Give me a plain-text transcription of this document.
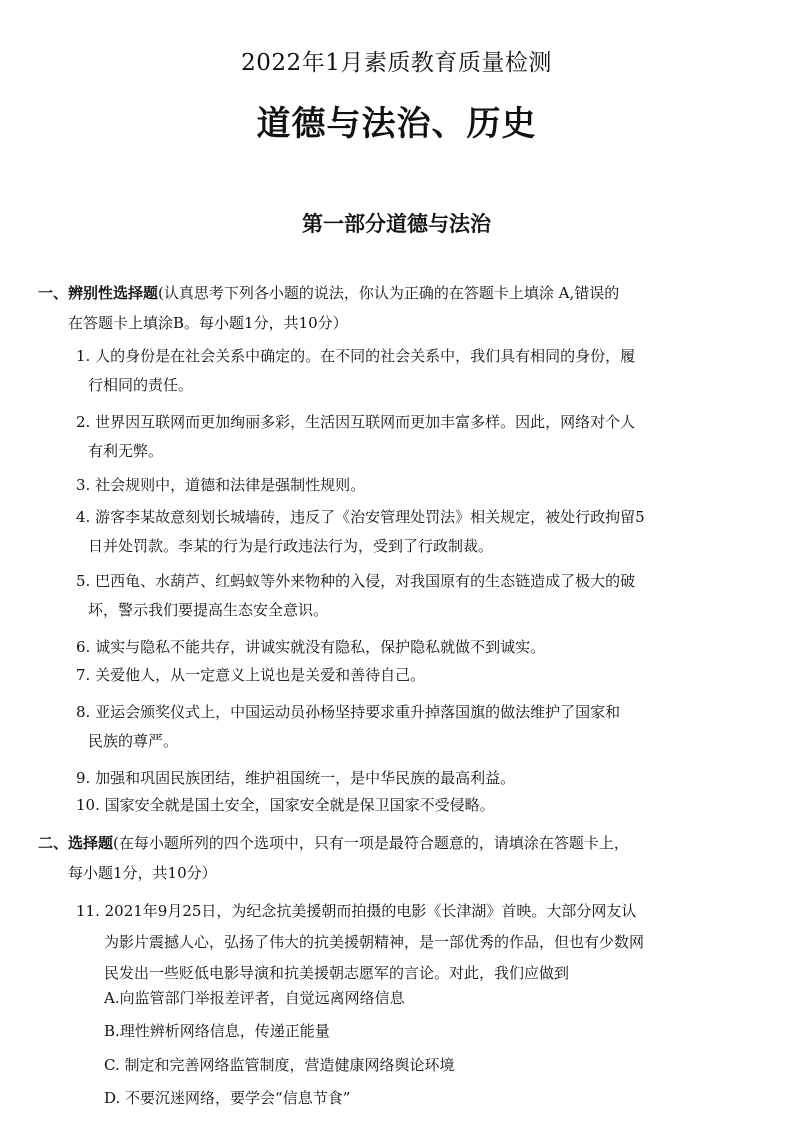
2022年1月素质教育质量检测
道德与法治、历史
第一部分道德与法治
一、辨别性选择题(认真思考下列各小题的说法，你认为正确的在答题卡上填涂 A,错误的
在答题卡上填涂B。每小题1分，共10分）
1. 人的身份是在社会关系中确定的。在不同的社会关系中，我们具有相同的身份，履
行相同的责任。
2. 世界因互联网而更加绚丽多彩，生活因互联网而更加丰富多样。因此，网络对个人
有利无弊。
3. 社会规则中，道德和法律是强制性规则。
4. 游客李某故意刻划长城墙砖，违反了《治安管理处罚法》相关规定，被处行政拘留5
日并处罚款。李某的行为是行政违法行为，受到了行政制裁。
5. 巴西龟、水葫芦、红蚂蚁等外来物种的入侵，对我国原有的生态链造成了极大的破
坏，警示我们要提高生态安全意识。
6. 诚实与隐私不能共存，讲诚实就没有隐私，保护隐私就做不到诚实。
7. 关爱他人，从一定意义上说也是关爱和善待自己。
8. 亚运会颁奖仪式上，中国运动员孙杨坚持要求重升掉落国旗的做法维护了国家和
民族的尊严。
9. 加强和巩固民族团结，维护祖国统一，是中华民族的最高利益。
10. 国家安全就是国土安全，国家安全就是保卫国家不受侵略。
二、选择题(在每小题所列的四个选项中，只有一项是最符合题意的，请填涂在答题卡上，
每小题1分，共10分）
11. 2021年9月25日，为纪念抗美援朝而拍摄的电影《长津湖》首映。大部分网友认
为影片震撼人心，弘扬了伟大的抗美援朝精神，是一部优秀的作品，但也有少数网
民发出一些贬低电影导演和抗美援朝志愿军的言论。对此，我们应做到
A.向监管部门举报差评者，自觉远离网络信息
B.理性辨析网络信息，传递正能量
C. 制定和完善网络监管制度，营造健康网络舆论环境
D. 不要沉迷网络，要学会“信息节食”
